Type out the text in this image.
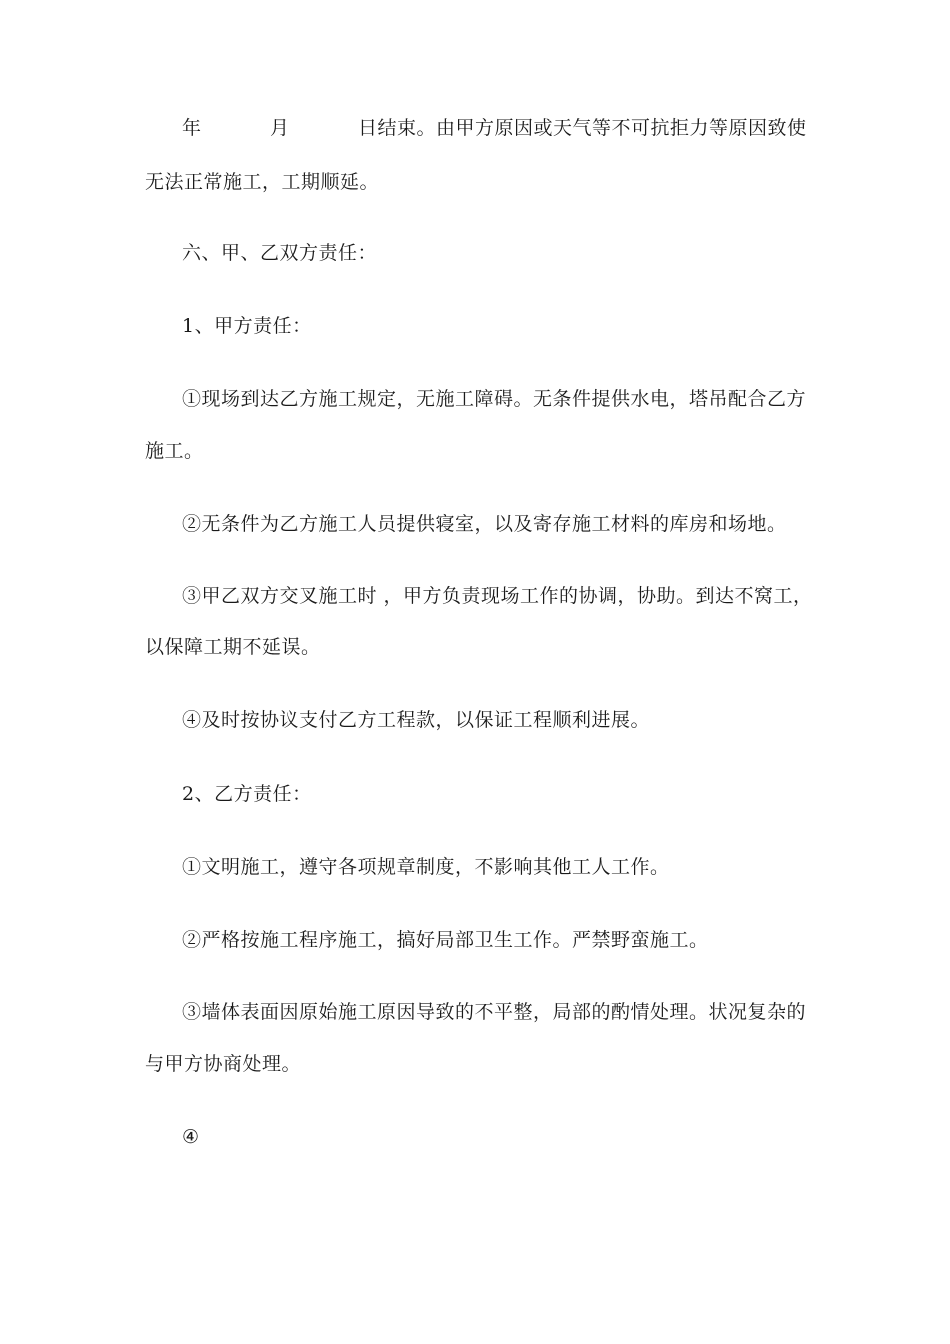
年	月	日结束。由甲方原因或天气等不可抗拒力等原因致使
无法正常施工，工期顺延。
六、甲、乙双方责任：
1、甲方责任：
①现场到达乙方施工规定，无施工障碍。无条件提供水电，塔吊配合乙方
施工。
②无条件为乙方施工人员提供寝室，以及寄存施工材料的库房和场地。
③甲乙双方交叉施工时 ，甲方负责现场工作的协调，协助。到达不窝工，
以保障工期不延误。
④及时按协议支付乙方工程款，以保证工程顺利进展。
2、乙方责任：
①文明施工，遵守各项规章制度，不影响其他工人工作。
②严格按施工程序施工，搞好局部卫生工作。严禁野蛮施工。
③墙体表面因原始施工原因导致的不平整，局部的酌情处理。状况复杂的
与甲方协商处理。
④
